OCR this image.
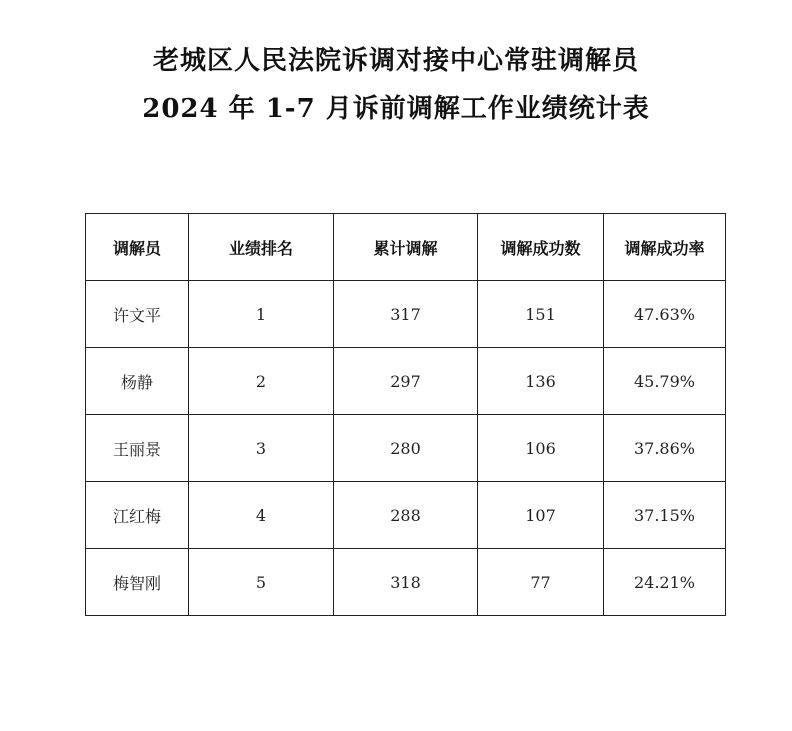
老城区人民法院诉调对接中心常驻调解员
2024 年 1-7 月诉前调解工作业绩统计表
调解员	业绩排名	累计调解	调解成功数	调解成功率
许文平	1	317	151	47.63%
杨静	2	297	136	45.79%
王丽景	3	280	106	37.86%
江红梅	4	288	107	37.15%
梅智刚	5	318	77	24.21%
